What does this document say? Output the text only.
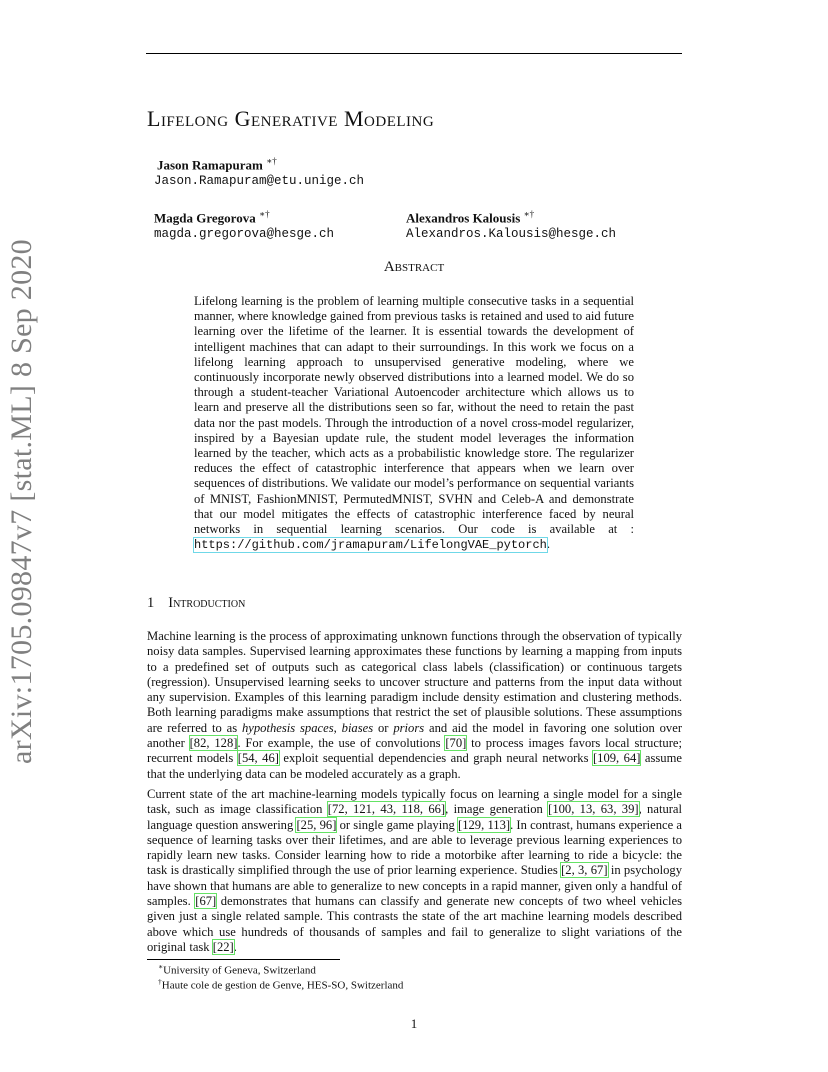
arXiv:1705.09847v7 [stat.ML] 8 Sep 2020
Lifelong Generative Modeling
Jason Ramapuram ∗†
Jason.Ramapuram@etu.unige.ch
Magda Gregorova ∗†
magda.gregorova@hesge.ch
Alexandros Kalousis ∗†
Alexandros.Kalousis@hesge.ch
Abstract

Lifelong learning is the problem of learning multiple consecutive tasks in a sequential manner, where knowledge gained from previous tasks is retained and used to aid future learning over the lifetime of the learner. It is essential towards the development of intelligent machines that can adapt to their surroundings. In this work we focus on a lifelong learning approach to unsupervised generative modeling, where we continuously incorporate newly observed distributions into a learned model. We do so through a student-teacher Variational Autoencoder architecture which allows us to learn and preserve all the distributions seen so far, without the need to retain the past data nor the past models. Through the introduction of a novel cross-model regularizer, inspired by a Bayesian update rule, the student model leverages the information learned by the teacher, which acts as a probabilistic knowledge store. The regularizer reduces the effect of catastrophic interference that appears when we learn over sequences of distributions. We validate our model’s performance on sequential variants of MNIST, FashionMNIST, PermutedMNIST, SVHN and Celeb-A and demonstrate that our model mitigates the effects of catastrophic interference faced by neural networks in sequential learning scenarios. Our code is available at : https://github.com/jramapuram/LifelongVAE_pytorch.

1 Introduction

Machine learning is the process of approximating unknown functions through the observation of typically noisy data samples. Supervised learning approximates these functions by learning a mapping from inputs to a predefined set of outputs such as categorical class labels (classification) or continuous targets (regression). Unsupervised learning seeks to uncover structure and patterns from the input data without any supervision. Examples of this learning paradigm include density estimation and clustering methods. Both learning paradigms make assumptions that restrict the set of plausible solutions. These assumptions are referred to as hypothesis spaces, biases or priors and aid the model in favoring one solution over another [82, 128]. For example, the use of convolutions [70] to process images favors local structure; recurrent models [54, 46] exploit sequential dependencies and graph neural networks [109, 64] assume that the underlying data can be modeled accurately as a graph.

Current state of the art machine-learning models typically focus on learning a single model for a single task, such as image classification [72, 121, 43, 118, 66], image generation [100, 13, 63, 39], natural language question answering [25, 96] or single game playing [129, 113]. In contrast, humans experience a sequence of learning tasks over their lifetimes, and are able to leverage previous learning experiences to rapidly learn new tasks. Consider learning how to ride a motorbike after learning to ride a bicycle: the task is drastically simplified through the use of prior learning experience. Studies [2, 3, 67] in psychology have shown that humans are able to generalize to new concepts in a rapid manner, given only a handful of samples. [67] demonstrates that humans can classify and generate new concepts of two wheel vehicles given just a single related sample. This contrasts the state of the art machine learning models described above which use hundreds of thousands of samples and fail to generalize to slight variations of the original task [22].

∗University of Geneva, Switzerland
†Haute cole de gestion de Genve, HES-SO, Switzerland
1
